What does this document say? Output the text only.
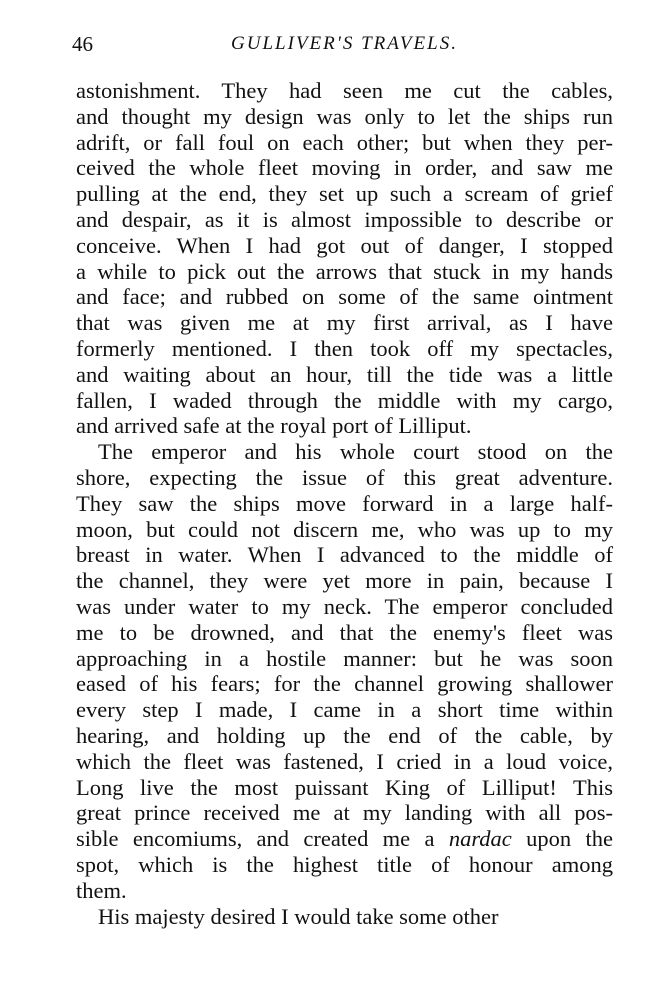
46	GULLIVER'S TRAVELS.
astonishment. They had seen me cut the cables,
and thought my design was only to let the ships run
adrift, or fall foul on each other; but when they per-
ceived the whole fleet moving in order, and saw me
pulling at the end, they set up such a scream of grief
and despair, as it is almost impossible to describe or
conceive. When I had got out of danger, I stopped
a while to pick out the arrows that stuck in my hands
and face; and rubbed on some of the same ointment
that was given me at my first arrival, as I have
formerly mentioned. I then took off my spectacles,
and waiting about an hour, till the tide was a little
fallen, I waded through the middle with my cargo,
and arrived safe at the royal port of Lilliput.
The emperor and his whole court stood on the
shore, expecting the issue of this great adventure.
They saw the ships move forward in a large half-
moon, but could not discern me, who was up to my
breast in water. When I advanced to the middle of
the channel, they were yet more in pain, because I
was under water to my neck. The emperor concluded
me to be drowned, and that the enemy's fleet was
approaching in a hostile manner: but he was soon
eased of his fears; for the channel growing shallower
every step I made, I came in a short time within
hearing, and holding up the end of the cable, by
which the fleet was fastened, I cried in a loud voice,
Long live the most puissant King of Lilliput! This
great prince received me at my landing with all pos-
sible encomiums, and created me a nardac upon the
spot, which is the highest title of honour among
them.
His majesty desired I would take some other
